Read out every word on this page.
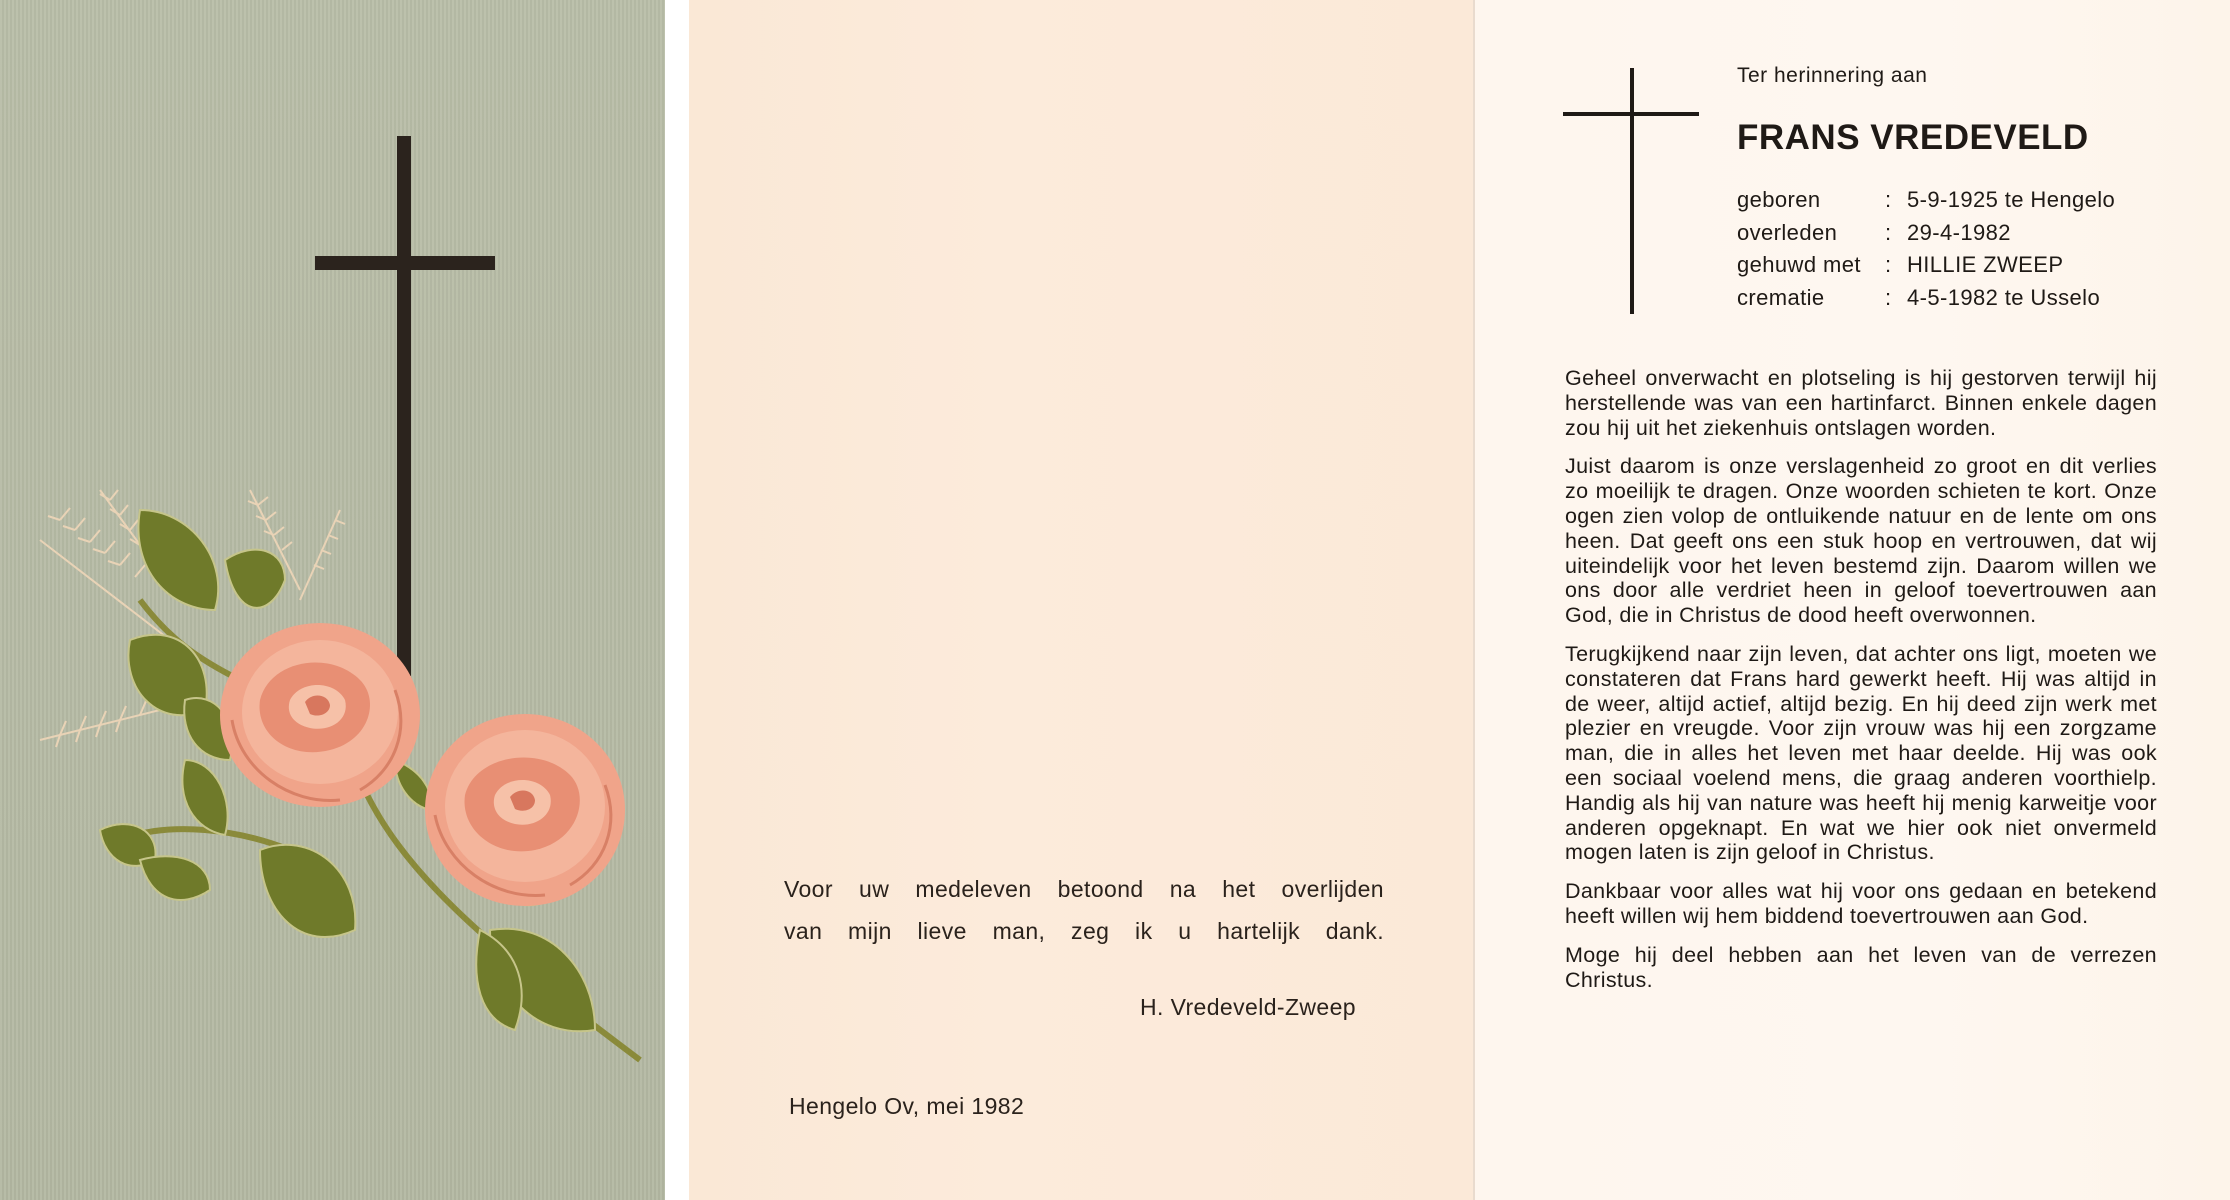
Voor uw medeleven betoond na het overlijden

van mijn lieve man, zeg ik u hartelijk dank.

H. Vredeveld-Zweep
Hengelo Ov, mei 1982
Ter herinnering aan
FRANS VREDEVELD
geboren	: 5-9-1925 te Hengelo
overleden	: 29-4-1982
gehuwd met	: HILLIE ZWEEP
crematie	: 4-5-1982 te Usselo

Geheel onverwacht en plotseling is hij gestorven terwijl hij herstellende was van een hartinfarct. Binnen enkele dagen zou hij uit het ziekenhuis ontslagen worden.

Juist daarom is onze verslagenheid zo groot en dit verlies zo moeilijk te dragen. Onze woorden schieten te kort. Onze ogen zien volop de ontluikende natuur en de lente om ons heen. Dat geeft ons een stuk hoop en vertrouwen, dat wij uiteindelijk voor het leven bestemd zijn. Daarom willen we ons door alle verdriet heen in geloof toevertrouwen aan God, die in Christus de dood heeft overwonnen.

Terugkijkend naar zijn leven, dat achter ons ligt, moeten we constateren dat Frans hard gewerkt heeft. Hij was altijd in de weer, altijd actief, altijd bezig. En hij deed zijn werk met plezier en vreugde. Voor zijn vrouw was hij een zorgzame man, die in alles het leven met haar deelde. Hij was ook een sociaal voelend mens, die graag anderen voorthielp. Handig als hij van nature was heeft hij menig karweitje voor anderen opgeknapt. En wat we hier ook niet onvermeld mogen laten is zijn geloof in Christus.

Dankbaar voor alles wat hij voor ons gedaan en betekend heeft willen wij hem biddend toevertrouwen aan God.

Moge hij deel hebben aan het leven van de verrezen Christus.
